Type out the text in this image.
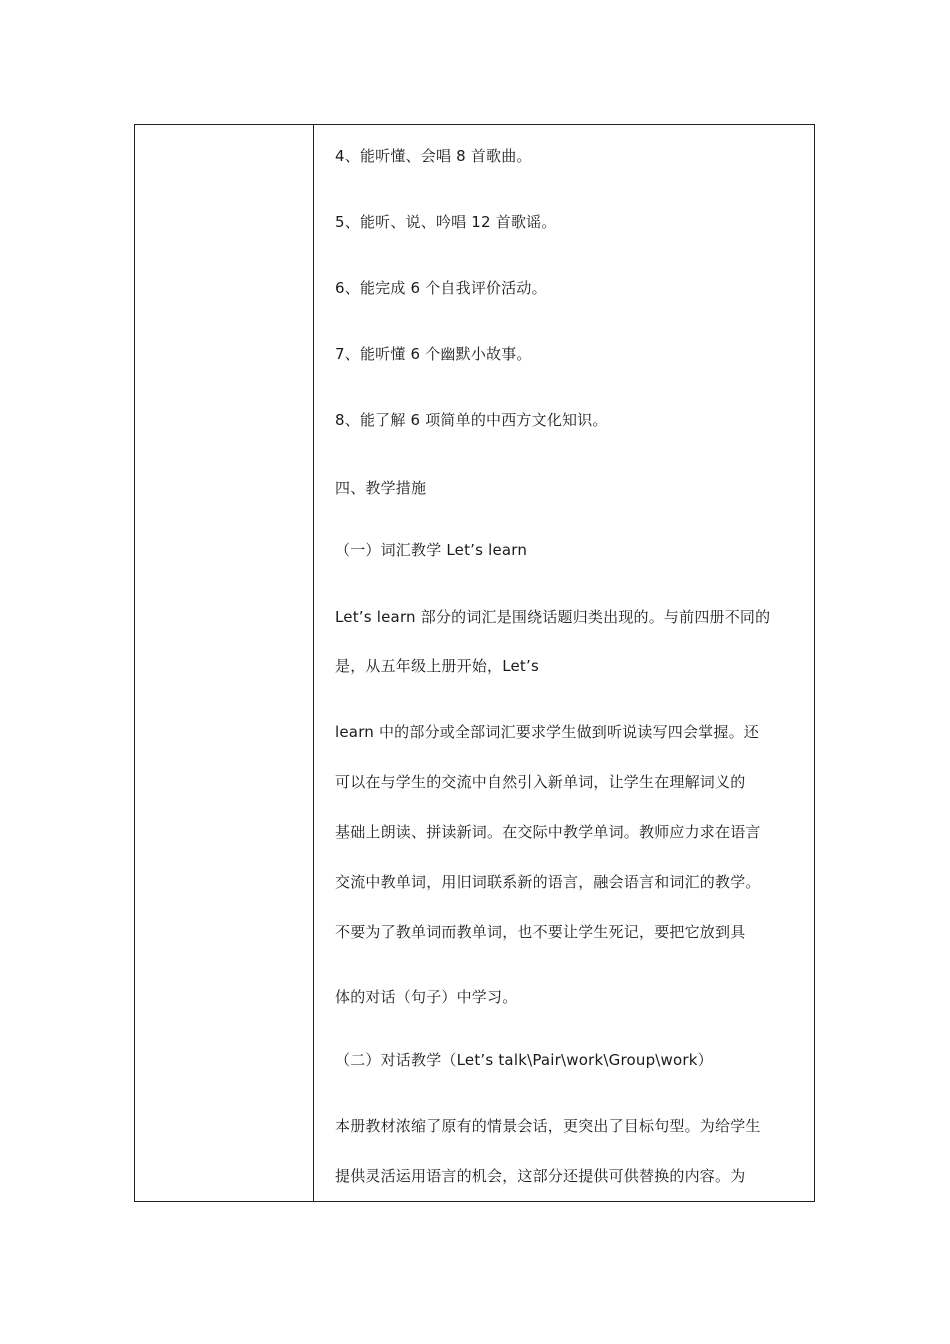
4、能听懂、会唱 8 首歌曲。
5、能听、说、吟唱 12 首歌谣。
6、能完成 6 个自我评价活动。
7、能听懂 6 个幽默小故事。
8、能了解 6 项简单的中西方文化知识。
四、教学措施
（一）词汇教学 Let’s learn
Let’s learn 部分的词汇是围绕话题归类出现的。与前四册不同的
是，从五年级上册开始，Let’s
learn 中的部分或全部词汇要求学生做到听说读写四会掌握。还
可以在与学生的交流中自然引入新单词，让学生在理解词义的
基础上朗读、拼读新词。在交际中教学单词。教师应力求在语言
交流中教单词，用旧词联系新的语言，融会语言和词汇的教学。
不要为了教单词而教单词，也不要让学生死记，要把它放到具
体的对话（句子）中学习。
（二）对话教学（Let’s talk\Pair\work\Group\work）
本册教材浓缩了原有的情景会话，更突出了目标句型。为给学生
提供灵活运用语言的机会，这部分还提供可供替换的内容。为
